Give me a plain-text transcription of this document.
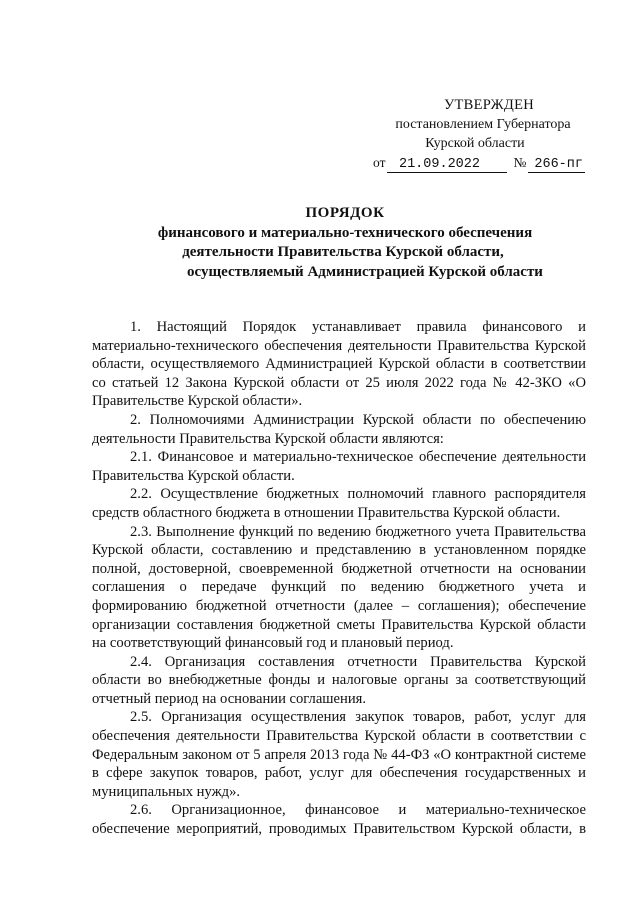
УТВЕРЖДЕН
постановлением Губернатора
Курской области
от 21.09.2022	№ 266-пг
ПОРЯДОК
финансового и материально-технического обеспечения
деятельности Правительства Курской области,
осуществляемый Администрацией Курской области

1. Настоящий Порядок устанавливает правила финансового и материально-технического обеспечения деятельности Правительства Курской области, осуществляемого Администрацией Курской области в соответствии со статьей 12 Закона Курской области от 25 июля 2022 года № 42-ЗКО «О Правительстве Курской области».

2. Полномочиями Администрации Курской области по обеспечению деятельности Правительства Курской области являются:

2.1. Финансовое и материально-техническое обеспечение деятельности Правительства Курской области.

2.2. Осуществление бюджетных полномочий главного распорядителя средств областного бюджета в отношении Правительства Курской области.

2.3. Выполнение функций по ведению бюджетного учета Правительства Курской области, составлению и представлению в установленном порядке полной, достоверной, своевременной бюджетной отчетности на основании соглашения о передаче функций по ведению бюджетного учета и формированию бюджетной отчетности (далее – соглашения); обеспечение организации составления бюджетной сметы Правительства Курской области на соответствующий финансовый год и плановый период.

2.4. Организация составления отчетности Правительства Курской области во внебюджетные фонды и налоговые органы за соответствующий отчетный период на основании соглашения.

2.5. Организация осуществления закупок товаров, работ, услуг для обеспечения деятельности Правительства Курской области в соответствии с Федеральным законом от 5 апреля 2013 года № 44-ФЗ «О контрактной системе в сфере закупок товаров, работ, услуг для обеспечения государственных и муниципальных нужд».

2.6. Организационное, финансовое и материально-техническое обеспечение мероприятий, проводимых Правительством Курской области, в
